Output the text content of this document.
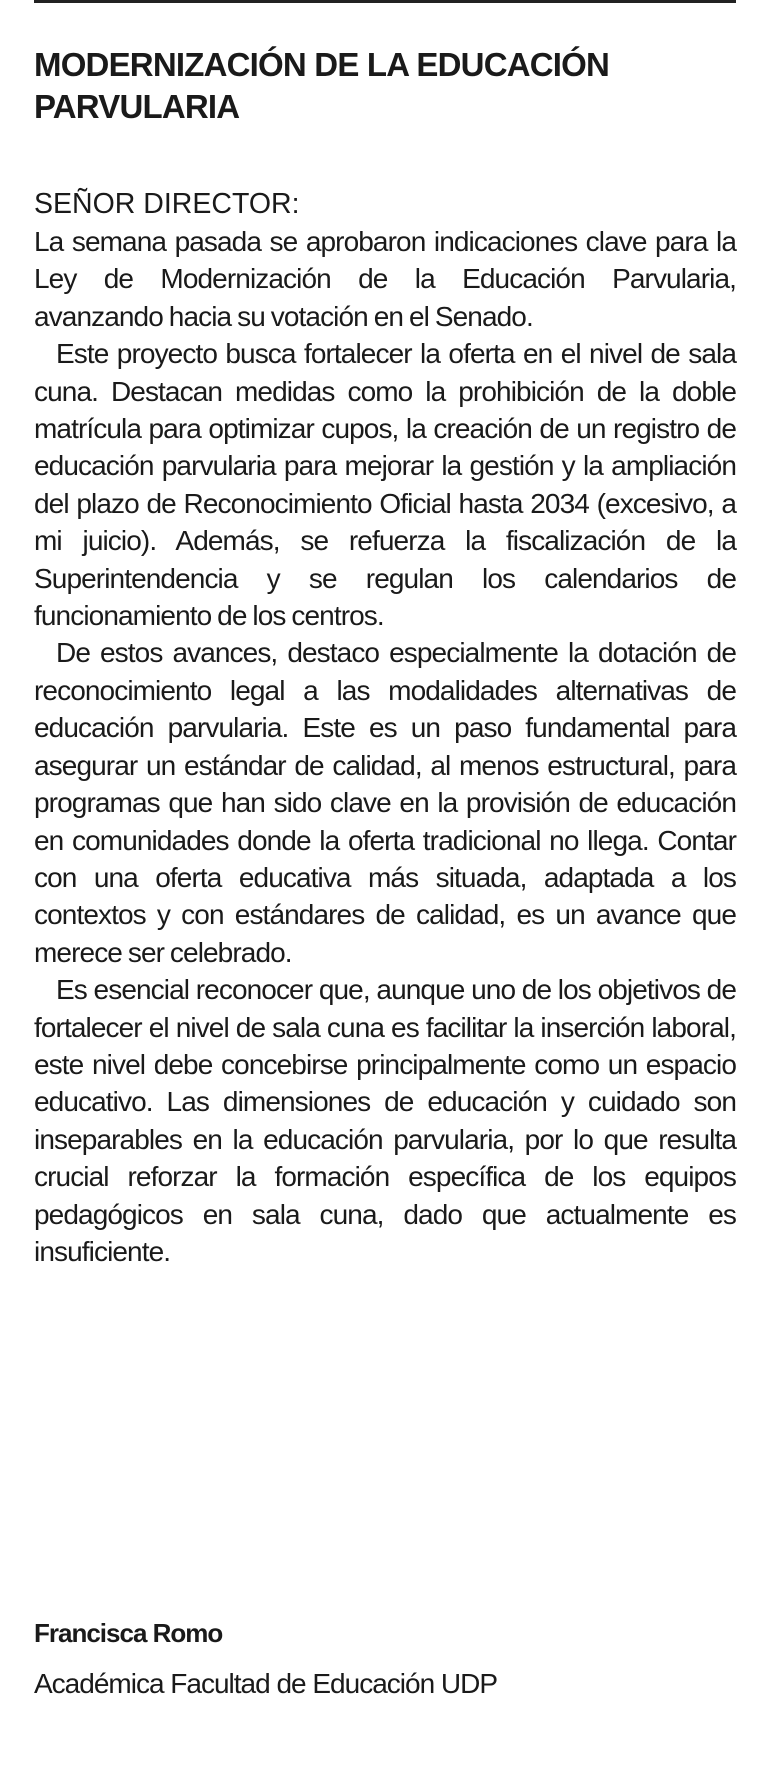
MODERNIZACIÓN DE LA EDUCACIÓN PARVULARIA

SEÑOR DIRECTOR:

La semana pasada se aprobaron indicaciones clave para la Ley de Modernización de la Educación Parvularia, avanzando hacia su votación en el Senado.

Este proyecto busca fortalecer la oferta en el nivel de sala cuna. Destacan medidas como la prohibición de la doble matrícula para optimizar cupos, la creación de un registro de educación parvularia para mejorar la gestión y la ampliación del plazo de Reconocimiento Oficial hasta 2034 (excesivo, a mi juicio). Además, se refuerza la fiscalización de la Superintendencia y se regulan los calendarios de funcionamiento de los centros.

De estos avances, destaco especialmente la dotación de reconocimiento legal a las modalidades alternativas de educación parvularia. Este es un paso fundamental para asegurar un estándar de calidad, al menos estructural, para programas que han sido clave en la provisión de educación en comunidades donde la oferta tradicional no llega. Contar con una oferta educativa más situada, adaptada a los contextos y con estándares de calidad, es un avance que merece ser celebrado.

Es esencial reconocer que, aunque uno de los objetivos de fortalecer el nivel de sala cuna es facilitar la inserción laboral, este nivel debe concebirse principalmente como un espacio educativo. Las dimensiones de educación y cuidado son inseparables en la educación parvularia, por lo que resulta crucial reforzar la formación específica de los equipos pedagógicos en sala cuna, dado que actualmente es insuficiente.

Francisca Romo

Académica Facultad de Educación UDP
